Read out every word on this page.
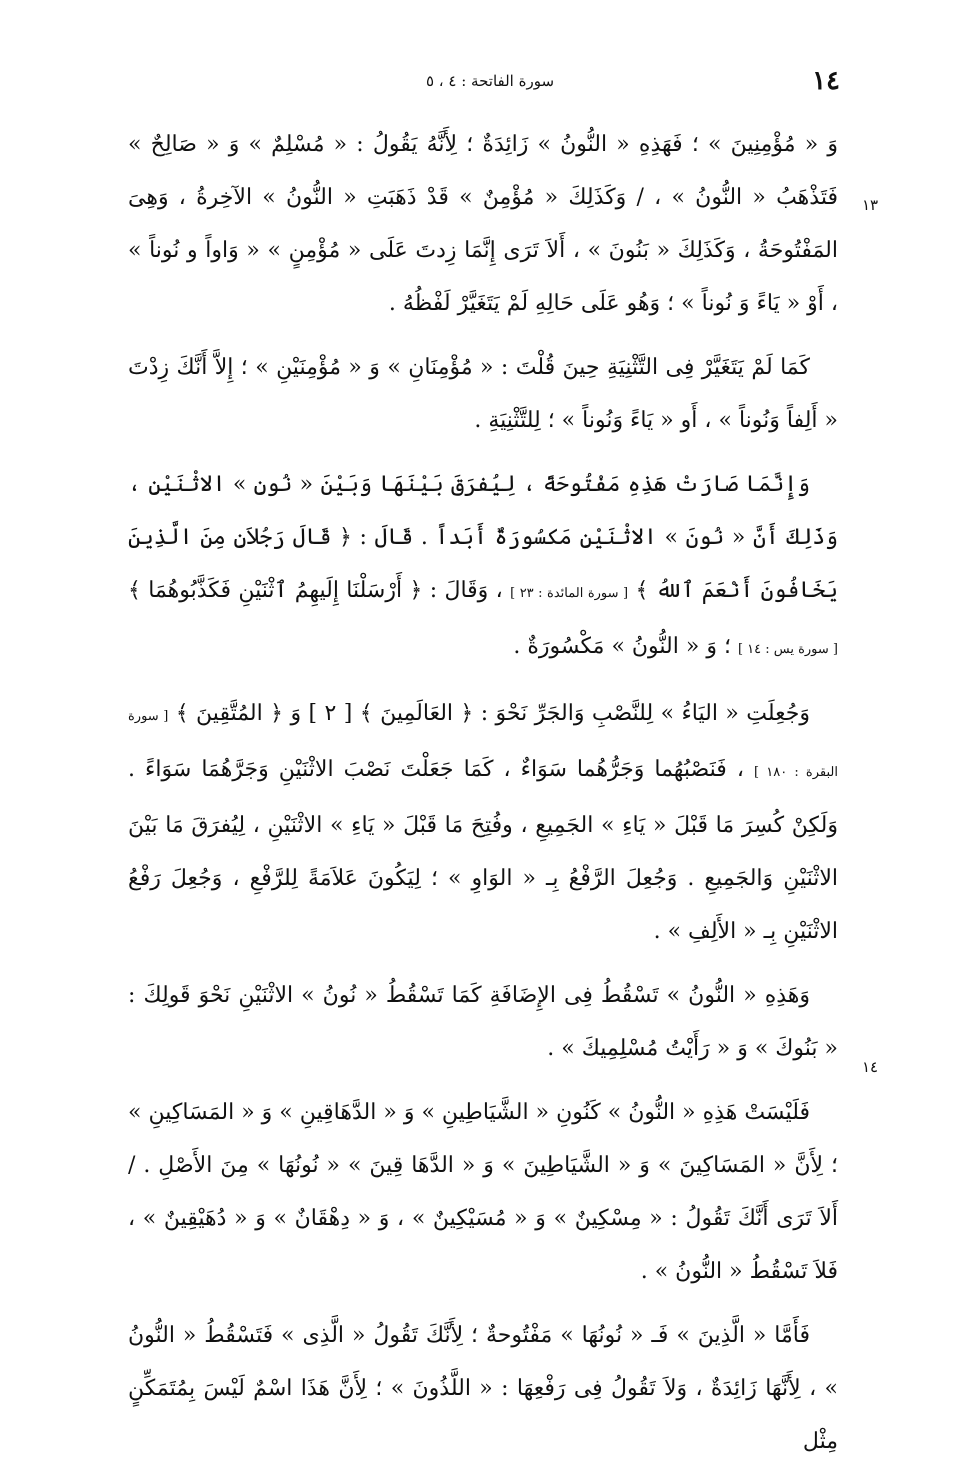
١٤
سورة الفاتحة : ٤ ، ٥
١٣
١٤

وَ « مُؤْمِنِينَ » ؛ فَهَذِهِ « النُّونُ » زَائِدَةٌ ؛ لِأَنَّهُ يَقُولُ : « مُسْلِمٌ » وَ « صَالِحٌ » فَتَذْهَبُ « النُّونُ » ، / وَكَذَلِكَ « مُؤْمِنٌ » قَدْ ذَهَبَتِ « النُّونُ » الآخِرةُ ، وَهِىَ المَفْتُوحَةُ ، وَكَذَلِكَ « بَنُونَ » ، أَلاَ تَرَى إِنَّمَا زِدتَ عَلَى « مُؤْمِنٍ » « وَاواً و نُوناً » ، أَوْ « يَاءً وَ نُوناً » ؛ وَهُو عَلَى حَالِهِ لَمْ يَتَغَيَّرْ لَفْظُهُ .

كَمَا لَمْ يَتَغَيَّرْ فِى التَّثْنِيَةِ حِينَ قُلْتَ : « مُؤْمِنَانِ » وَ « مُؤْمِنَيْنِ » ؛ إِلاَّ أَنَّكَ زِدْتَ « أَلِفاً وَنُوناً » ، أَو « يَاءً وَنُوناً » ؛ لِلتَّثْنِيَةِ .

وَإِنَّمَا صَارَتْ هَذِهِ مَفْتُوحَةً ، لِيُفرَقَ بَيْنَهَا وَبَيْنَ « نُونِ » الاثْنَيْنِ ، وَذَلِكَ أَنَّ « نُونَ » الاثْنَيْنِ مَكسُورَةٌ أَبَداً . قَالَ : ﴿ قَالَ رَجُلاَنِ مِنَ الَّذِينَ يَخَافُونَ أَنْعَمَ ٱللهُ ﴾ [ سورة المائدة : ٢٣ ] ، وَقَالَ : ﴿ أَرْسَلْنَا إِلَيهِمُ ٱثْنَيْنِ فَكَذَّبُوهُمَا ﴾ [ سورة يس : ١٤ ] ؛ وَ « النُّونُ » مَكْسُورَةٌ .

وَجُعِلَتِ « اليَاءُ » لِلنَّصْبِ وَالجَرِّ نَحْوَ : ﴿ العَالَمِينَ ﴾ [ ٢ ] وَ ﴿ المُتَّقِينَ ﴾ [ سورة البقرة : ١٨٠ ] ، فَنَصْبُهُما وَجَرُّهُما سَوَاءٌ ، كَمَا جَعَلْتَ نَصْبَ الاثْنَيْنِ وَجَرَّهُمَا سَوَاءً . وَلَكِنْ كُسِرَ مَا قَبْلَ « يَاءِ » الجَمِيعِ ، وفُتِحَ مَا قَبْلَ « يَاءِ » الاثْنَيْنِ ، لِيُفرَقَ مَا بَيْنَ الاثْنَيْنِ وَالجَمِيعِ . وَجُعِلَ الرَّفْعُ بِـ « الوَاوِ » ؛ لِيَكُونَ عَلاَمَةً لِلرَّفْعِ ، وَجُعِلَ رَفْعُ الاثْنَيْنِ بِـ « الأَلِفِ » .

وَهَذِهِ « النُّونُ » تَسْقُطُ فِى الإِضَافَةِ كَمَا تَسْقُطُ « نُونُ » الاثْنَيْنِ نَحْوَ قَولِكَ : « بَنُوكَ » وَ « رَأَيْتُ مُسْلِمِيكَ » .

فَلَيْسَتْ هَذِهِ « النُّونُ » كَنُونِ « الشَّيَاطِينِ » وَ « الدَّهَاقِينِ » وَ « المَسَاكِينِ » ؛ لِأَنَّ « المَسَاكِينَ » وَ « الشَّيَاطِينَ » وَ « الدَّهَا قِينَ » « نُونُهَا » مِنَ الأَصْلِ . / أَلاَ تَرَى أَنَّكَ تَقُولُ : « مِسْكِينٌ » وَ « مُسَيْكِينٌ » ، وَ « دِهْقَانٌ » وَ « دُهَيْقِينٌ » ، فَلاَ تَسْقُطُ « النُّونُ » .

فَأَمَّا « الَّذِينَ » فَـ « نُونُهَا » مَفْتُوحةٌ ؛ لِأَنَّكَ تَقُولُ « الَّذِى » فَتَسْقُطُ « النُّونُ » ، لِأَنَّهَا زَائِدَةٌ ، وَلاَ تَقُولُ فِى رَفْعِهَا : « اللَّذُونَ » ؛ لِأَنَّ هَذَا اسْمٌ لَيْسَ بِمُتَمَكِّنٍ مِثْل
